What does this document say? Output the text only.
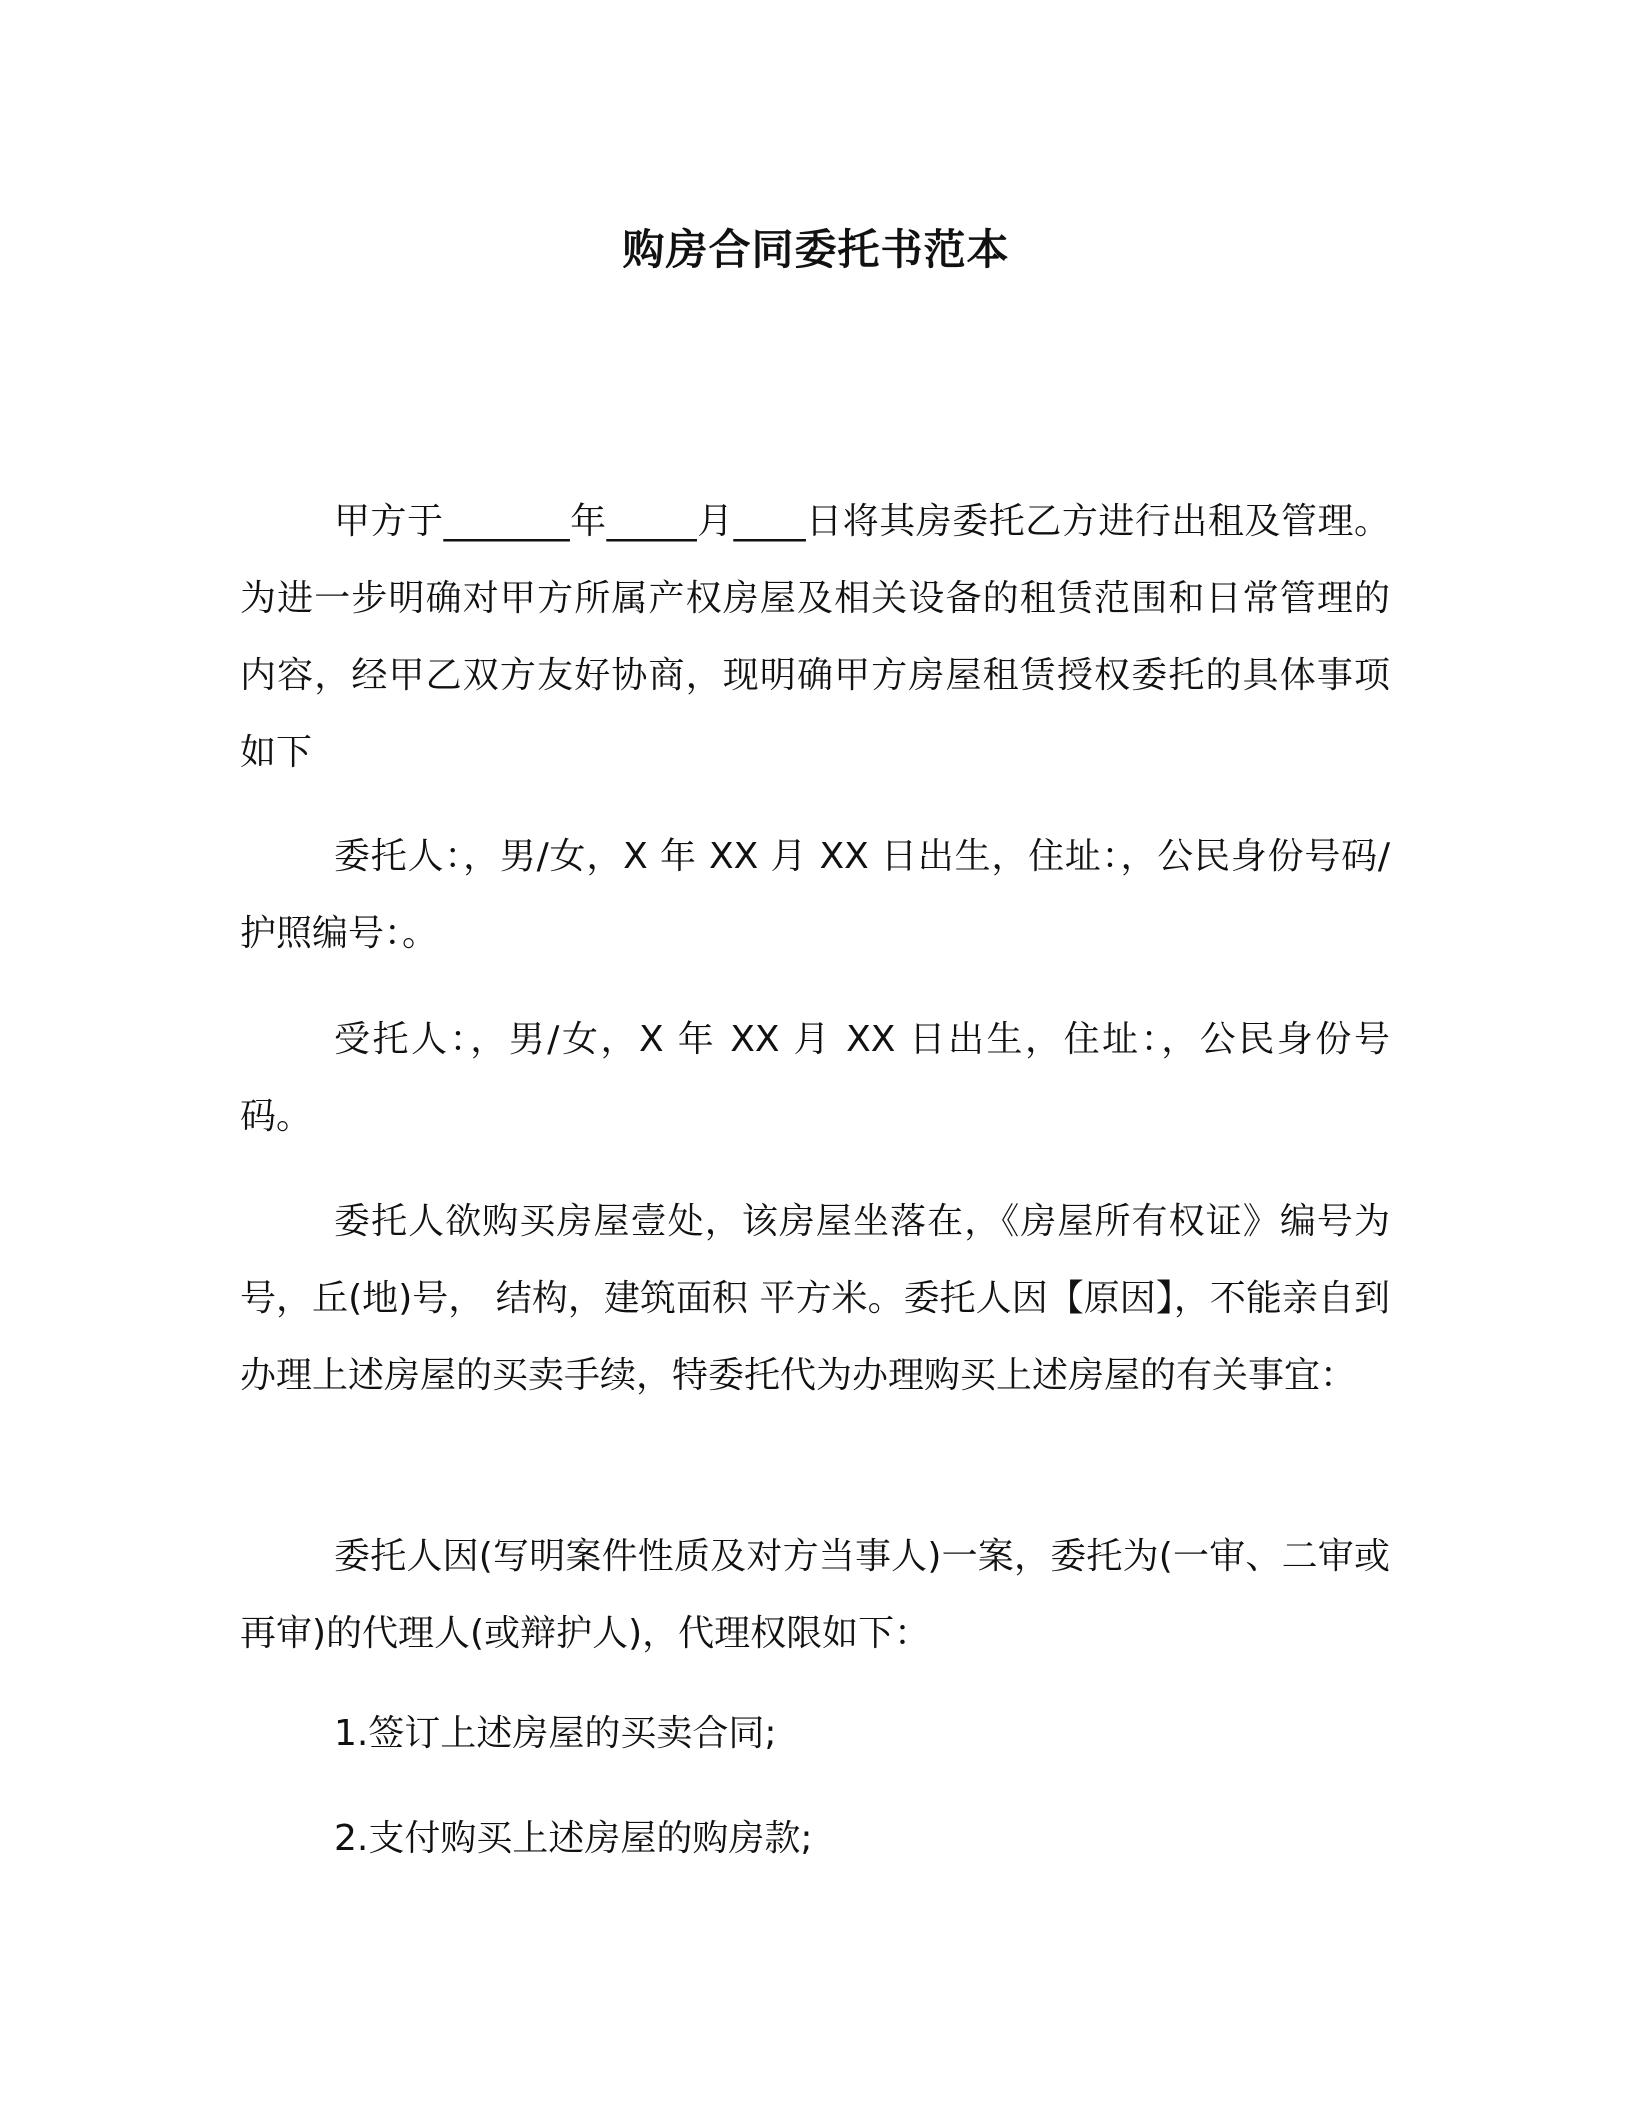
购房合同委托书范本

甲方于_______年_____月____日将其房委托乙方进行出租及管理。为进一步明确对甲方所属产权房屋及相关设备的租赁范围和日常管理的内容，经甲乙双方友好协商，现明确甲方房屋租赁授权委托的具体事项如下

委托人：，男/女，X 年 XX 月 XX 日出生，住址：，公民身份号码/护照编号：。

受托人：，男/女，X 年 XX 月 XX 日出生，住址：，公民身份号码。

委托人欲购买房屋壹处，该房屋坐落在，《房屋所有权证》编号为 号，丘(地)号， 结构，建筑面积 平方米。委托人因【原因】，不能亲自到 办理上述房屋的买卖手续，特委托代为办理购买上述房屋的有关事宜：

委托人因(写明案件性质及对方当事人)一案，委托为(一审、二审或再审)的代理人(或辩护人)，代理权限如下：

1.签订上述房屋的买卖合同;

2.支付购买上述房屋的购房款;
